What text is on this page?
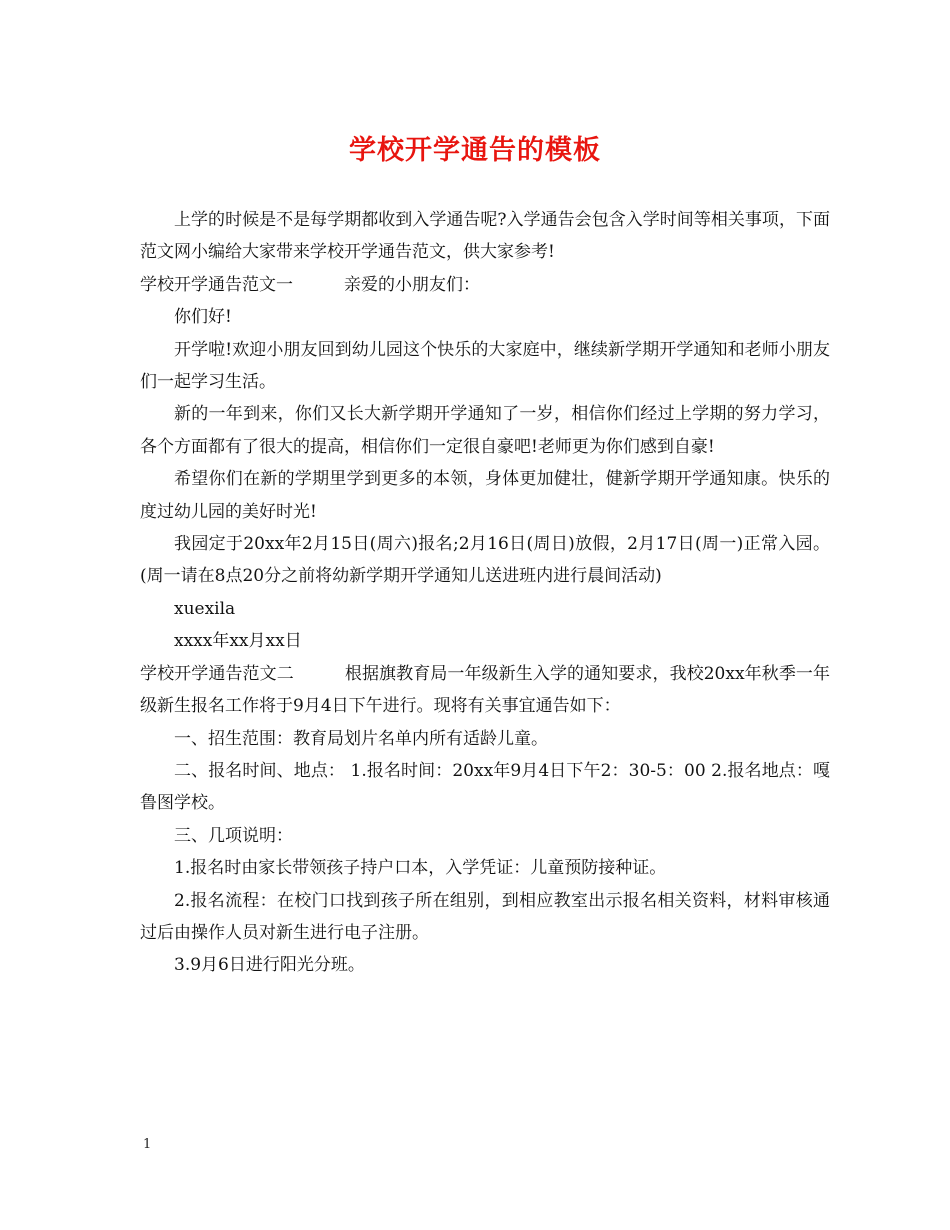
学校开学通告的模板

上学的时候是不是每学期都收到入学通告呢?入学通告会包含入学时间等相关事项，下面范文网小编给大家带来学校开学通告范文，供大家参考!

学校开学通告范文一	亲爱的小朋友们：

你们好!

开学啦!欢迎小朋友回到幼儿园这个快乐的大家庭中，继续新学期开学通知和老师小朋友们一起学习生活。

新的一年到来，你们又长大新学期开学通知了一岁，相信你们经过上学期的努力学习，各个方面都有了很大的提高，相信你们一定很自豪吧!老师更为你们感到自豪!

希望你们在新的学期里学到更多的本领，身体更加健壮，健新学期开学通知康。快乐的度过幼儿园的美好时光!

我园定于20xx年2月15日(周六)报名;2月16日(周日)放假，2月17日(周一)正常入园。(周一请在8点20分之前将幼新学期开学通知儿送进班内进行晨间活动)

xuexila

xxxx年xx月xx日

学校开学通告范文二	根据旗教育局一年级新生入学的通知要求，我校20xx年秋季一年级新生报名工作将于9月4日下午进行。现将有关事宜通告如下：

一、招生范围：教育局划片名单内所有适龄儿童。

二、报名时间、地点： 1.报名时间：20xx年9月4日下午2：30-5：00 2.报名地点：嘎鲁图学校。

三、几项说明：

1.报名时由家长带领孩子持户口本，入学凭证：儿童预防接种证。

2.报名流程：在校门口找到孩子所在组别，到相应教室出示报名相关资料，材料审核通过后由操作人员对新生进行电子注册。

3.9月6日进行阳光分班。

1
